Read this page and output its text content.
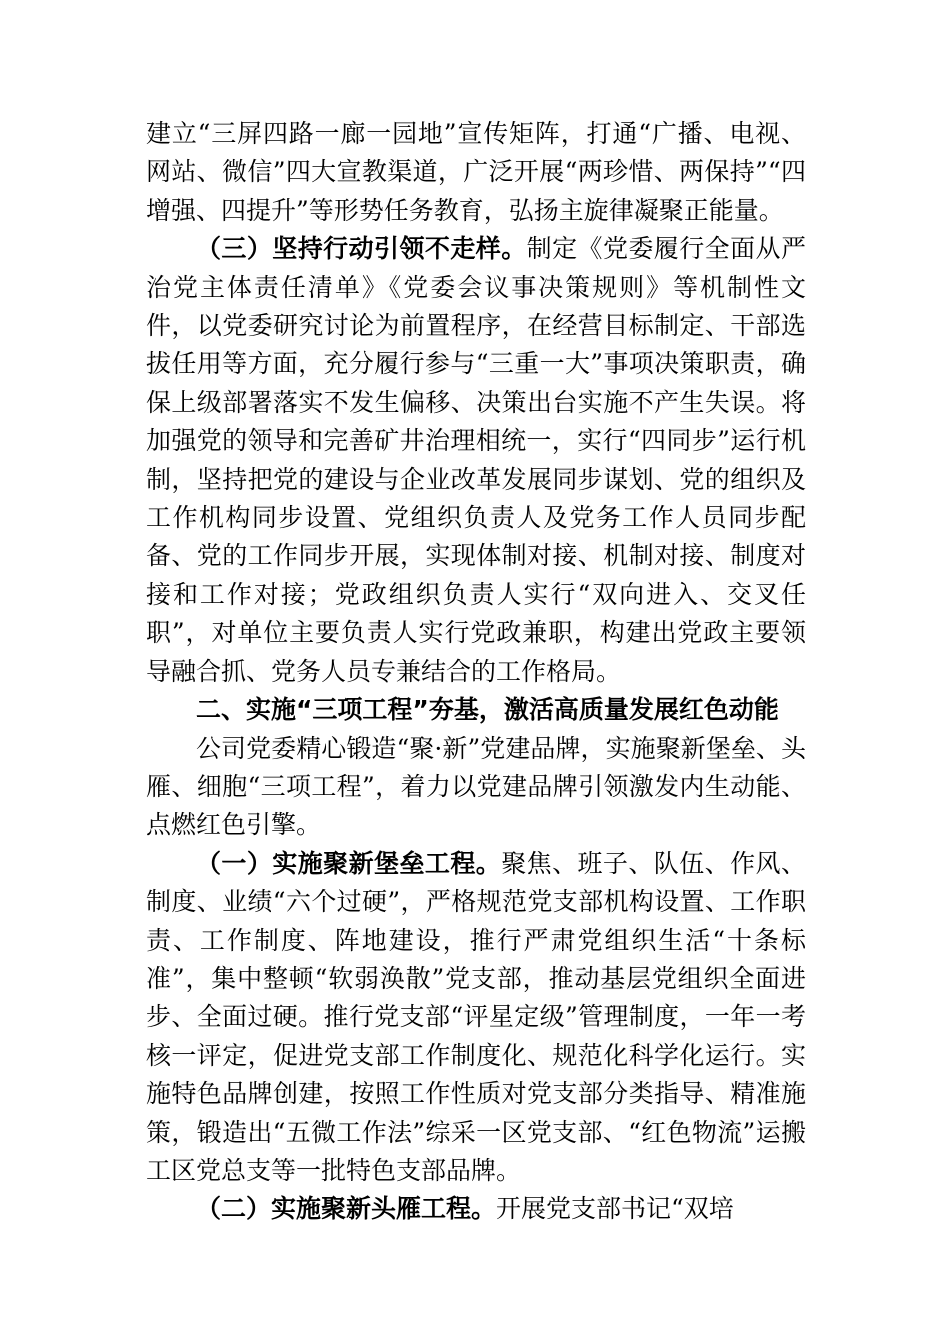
建立“三屏四路一廊一园地”宣传矩阵，打通“广播、电视、网站、微信”四大宣教渠道，广泛开展“两珍惜、两保持”“四增强、四提升”等形势任务教育，弘扬主旋律凝聚正能量。

（三）坚持行动引领不走样。制定《党委履行全面从严治党主体责任清单》《党委会议事决策规则》等机制性文件，以党委研究讨论为前置程序，在经营目标制定、干部选拔任用等方面，充分履行参与“三重一大”事项决策职责，确保上级部署落实不发生偏移、决策出台实施不产生失误。将加强党的领导和完善矿井治理相统一，实行“四同步”运行机制，坚持把党的建设与企业改革发展同步谋划、党的组织及工作机构同步设置、党组织负责人及党务工作人员同步配备、党的工作同步开展，实现体制对接、机制对接、制度对接和工作对接；党政组织负责人实行“双向进入、交叉任职”，对单位主要负责人实行党政兼职，构建出党政主要领导融合抓、党务人员专兼结合的工作格局。

二、实施“三项工程”夯基，激活高质量发展红色动能

公司党委精心锻造“聚·新”党建品牌，实施聚新堡垒、头雁、细胞“三项工程”，着力以党建品牌引领激发内生动能、点燃红色引擎。

（一）实施聚新堡垒工程。聚焦、班子、队伍、作风、制度、业绩“六个过硬”，严格规范党支部机构设置、工作职责、工作制度、阵地建设，推行严肃党组织生活“十条标准”，集中整顿“软弱涣散”党支部，推动基层党组织全面进步、全面过硬。推行党支部“评星定级”管理制度，一年一考核一评定，促进党支部工作制度化、规范化科学化运行。实施特色品牌创建，按照工作性质对党支部分类指导、精准施策，锻造出“五微工作法”综采一区党支部、“红色物流”运搬工区党总支等一批特色支部品牌。

（二）实施聚新头雁工程。开展党支部书记“双培
